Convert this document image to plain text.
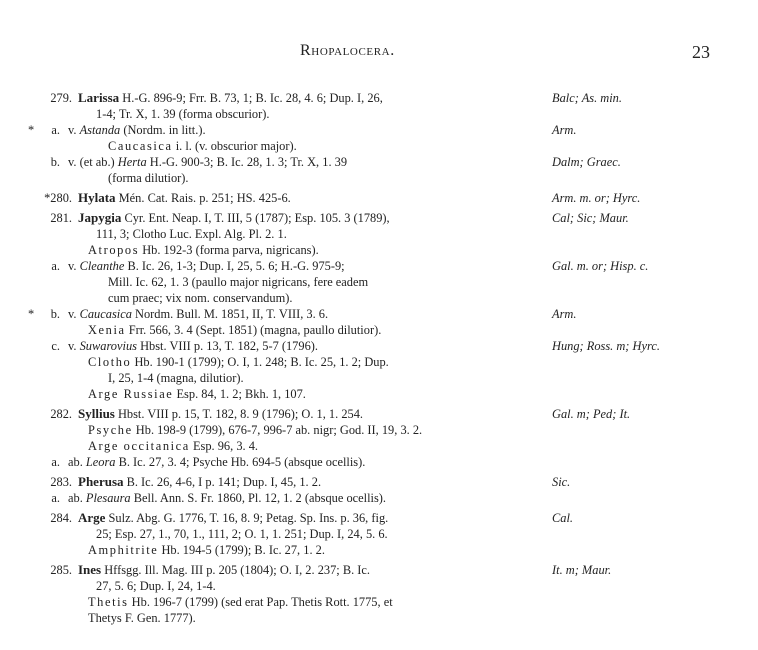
Rhopalocera.	23
279. Larissa H.-G. 896-9; Frr. B. 73, 1; B. Ic. 28, 4. 6; Dup. I, 26,	Balc; As. min.
1-4; Tr. X, 1. 39 (forma obscurior).
*	a. v. Astanda (Nordm. in litt.).	Arm.
Caucasica i. l. (v. obscurior major).
b. v. (et ab.) Herta H.-G. 900-3; B. Ic. 28, 1. 3; Tr. X, 1. 39	Dalm; Graec.
(forma dilutior).
*280. Hylata Mén. Cat. Rais. p. 251; HS. 425-6.	Arm. m. or; Hyrc.
281. Japygia Cyr. Ent. Neap. I, T. III, 5 (1787); Esp. 105. 3 (1789),	Cal; Sic; Maur.
111, 3; Clotho Luc. Expl. Alg. Pl. 2. 1.
Atropos Hb. 192-3 (forma parva, nigricans).
a. v. Cleanthe B. Ic. 26, 1-3; Dup. I, 25, 5. 6; H.-G. 975-9;	Gal. m. or; Hisp. c.
Mill. Ic. 62, 1. 3 (paullo major nigricans, fere eadem
cum praec; vix nom. conservandum).
*	b. v. Caucasica Nordm. Bull. M. 1851, II, T. VIII, 3. 6.	Arm.
Xenia Frr. 566, 3. 4 (Sept. 1851) (magna, paullo dilutior).
c. v. Suwarovius Hbst. VIII p. 13, T. 182, 5-7 (1796).	Hung; Ross. m; Hyrc.
Clotho Hb. 190-1 (1799); O. I, 1. 248; B. Ic. 25, 1. 2; Dup.
I, 25, 1-4 (magna, dilutior).
Arge Russiae Esp. 84, 1. 2; Bkh. 1, 107.
282. Syllius Hbst. VIII p. 15, T. 182, 8. 9 (1796); O. 1, 1. 254.	Gal. m; Ped; It.
Psyche Hb. 198-9 (1799), 676-7, 996-7 ab. nigr; God. II, 19, 3. 2.
Arge occitanica Esp. 96, 3. 4.
a. ab. Leora B. Ic. 27, 3. 4; Psyche Hb. 694-5 (absque ocellis).
283. Pherusa B. Ic. 26, 4-6, I p. 141; Dup. I, 45, 1. 2.	Sic.
a. ab. Plesaura Bell. Ann. S. Fr. 1860, Pl. 12, 1. 2 (absque ocellis).
284. Arge Sulz. Abg. G. 1776, T. 16, 8. 9; Petag. Sp. Ins. p. 36, fig.	Cal.
25; Esp. 27, 1., 70, 1., 111, 2; O. 1, 1. 251; Dup. I, 24, 5. 6.
Amphitrite Hb. 194-5 (1799); B. Ic. 27, 1. 2.
285. Ines Hffsgg. Ill. Mag. III p. 205 (1804); O. I, 2. 237; B. Ic.	It. m; Maur.
27, 5. 6; Dup. I, 24, 1-4.
Thetis Hb. 196-7 (1799) (sed erat Pap. Thetis Rott. 1775, et
Thetys F. Gen. 1777).
